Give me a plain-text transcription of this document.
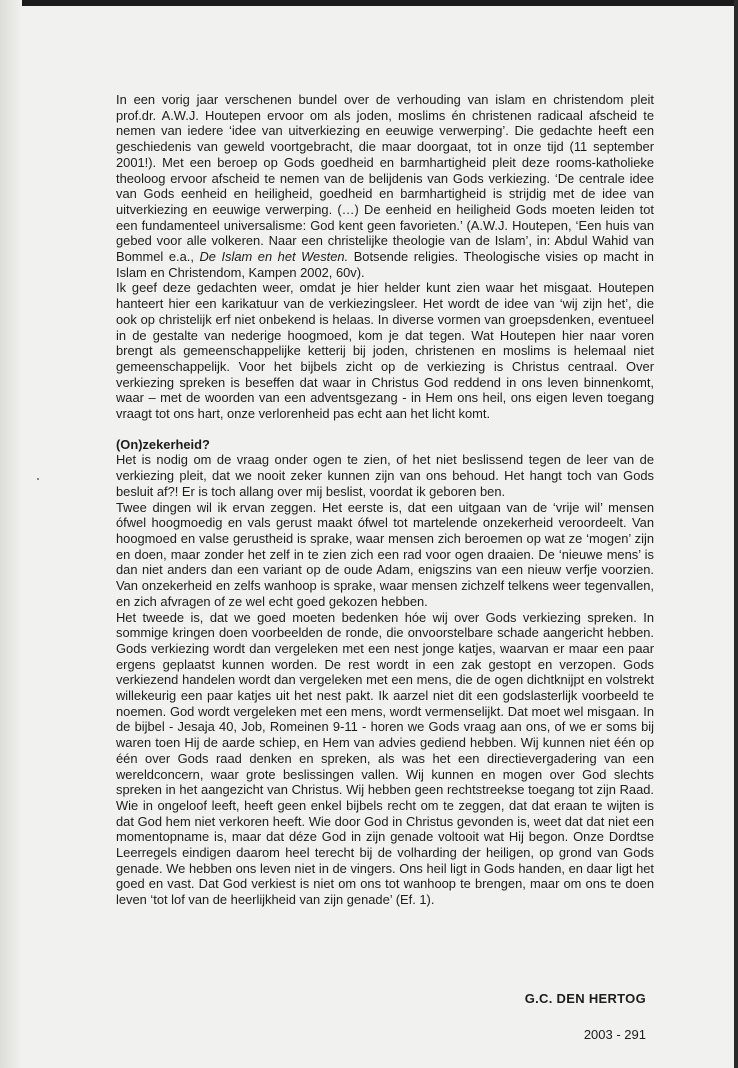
In een vorig jaar verschenen bundel over de verhouding van islam en christendom pleit prof.dr. A.W.J. Houtepen ervoor om als joden, moslims én christenen radicaal afscheid te nemen van iedere ‘idee van uitverkiezing en eeuwige verwerping’. Die gedachte heeft een geschiedenis van geweld voortgebracht, die maar doorgaat, tot in onze tijd (11 september 2001!). Met een beroep op Gods goedheid en barmhartigheid pleit deze rooms-katholieke theoloog ervoor afscheid te nemen van de belijdenis van Gods verkiezing. ‘De centrale idee van Gods eenheid en heiligheid, goedheid en barmhartigheid is strijdig met de idee van uitverkiezing en eeuwige verwerping. (…) De eenheid en heiligheid Gods moeten leiden tot een fundamenteel universalisme: God kent geen favorieten.’ (A.W.J. Houtepen, ‘Een huis van gebed voor alle volkeren. Naar een christelijke theologie van de Islam’, in: Abdul Wahid van Bommel e.a., De Islam en het Westen. Botsende religies. Theologische visies op macht in Islam en Christendom, Kampen 2002, 60v).

Ik geef deze gedachten weer, omdat je hier helder kunt zien waar het misgaat. Houtepen hanteert hier een karikatuur van de verkiezingsleer. Het wordt de idee van ‘wij zijn het’, die ook op christelijk erf niet onbekend is helaas. In diverse vormen van groepsdenken, eventueel in de gestalte van nederige hoogmoed, kom je dat tegen. Wat Houtepen hier naar voren brengt als gemeenschappelijke ketterij bij joden, christenen en moslims is helemaal niet gemeenschappelijk. Voor het bijbels zicht op de verkiezing is Christus centraal. Over verkiezing spreken is beseffen dat waar in Christus God reddend in ons leven binnenkomt, waar – met de woorden van een adventsgezang - in Hem ons heil, ons eigen leven toegang vraagt tot ons hart, onze verlorenheid pas echt aan het licht komt.

(On)zekerheid?

Het is nodig om de vraag onder ogen te zien, of het niet beslissend tegen de leer van de verkiezing pleit, dat we nooit zeker kunnen zijn van ons behoud. Het hangt toch van Gods besluit af?! Er is toch allang over mij beslist, voordat ik geboren ben.

Twee dingen wil ik ervan zeggen. Het eerste is, dat een uitgaan van de ‘vrije wil’ mensen ófwel hoogmoedig en vals gerust maakt ófwel tot martelende onzekerheid veroordeelt. Van hoogmoed en valse gerustheid is sprake, waar mensen zich beroemen op wat ze ‘mogen’ zijn en doen, maar zonder het zelf in te zien zich een rad voor ogen draaien. De ‘nieuwe mens’ is dan niet anders dan een variant op de oude Adam, enigszins van een nieuw verfje voorzien. Van onzekerheid en zelfs wanhoop is sprake, waar mensen zichzelf telkens weer tegenvallen, en zich afvragen of ze wel echt goed gekozen hebben.

Het tweede is, dat we goed moeten bedenken hóe wij over Gods verkiezing spreken. In sommige kringen doen voorbeelden de ronde, die onvoorstelbare schade aangericht hebben. Gods verkiezing wordt dan vergeleken met een nest jonge katjes, waarvan er maar een paar ergens geplaatst kunnen worden. De rest wordt in een zak gestopt en verzopen. Gods verkiezend handelen wordt dan vergeleken met een mens, die de ogen dichtknijpt en volstrekt willekeurig een paar katjes uit het nest pakt. Ik aarzel niet dit een godslasterlijk voorbeeld te noemen. God wordt vergeleken met een mens, wordt vermenselijkt. Dat moet wel misgaan. In de bijbel - Jesaja 40, Job, Romeinen 9-11 - horen we Gods vraag aan ons, of we er soms bij waren toen Hij de aarde schiep, en Hem van advies gediend hebben. Wij kunnen niet één op één over Gods raad denken en spreken, als was het een directievergadering van een wereldconcern, waar grote beslissingen vallen. Wij kunnen en mogen over God slechts spreken in het aangezicht van Christus. Wij hebben geen rechtstreekse toegang tot zijn Raad. Wie in ongeloof leeft, heeft geen enkel bijbels recht om te zeggen, dat dat eraan te wijten is dat God hem niet verkoren heeft. Wie door God in Christus gevonden is, weet dat dat niet een momentopname is, maar dat déze God in zijn genade voltooit wat Hij begon. Onze Dordtse Leerregels eindigen daarom heel terecht bij de volharding der heiligen, op grond van Gods genade. We hebben ons leven niet in de vingers. Ons heil ligt in Gods handen, en daar ligt het goed en vast. Dat God verkiest is niet om ons tot wanhoop te brengen, maar om ons te doen leven ‘tot lof van de heerlijkheid van zijn genade’ (Ef. 1).

G.C. DEN HERTOG
2003 - 291
